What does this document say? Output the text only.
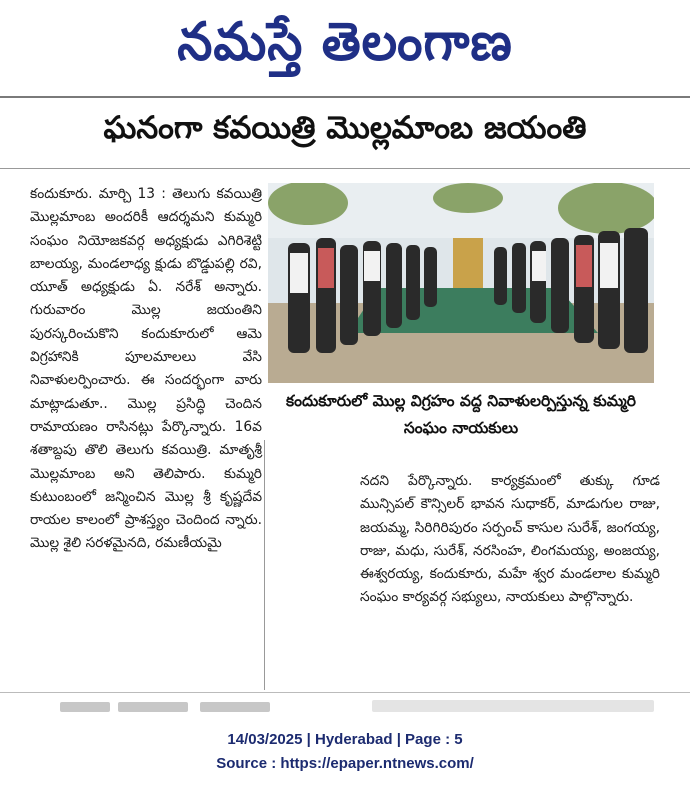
నమస్తే తెలంగాణ
ఘనంగా కవయిత్రి మొల్లమాంబ జయంతి
కందుకూరు. మార్చి 13 : తెలుగు కవయిత్రి మొల్లమాంబ అందరికీ ఆదర్శమని కుమ్మరి సంఘం నియోజకవర్గ అధ్యక్షుడు ఎగిరిశెట్టి బాలయ్య, మండలాధ్య క్షుడు బొడ్డుపల్లి రవి, యూత్ అధ్యక్షుడు ఏ. నరేశ్ అన్నారు. గురువారం మొల్ల జయంతిని పురస్కరించుకొని కందుకూరులో ఆమె విగ్రహానికి పూలమాలలు వేసి నివాళులర్పించారు. ఈ సందర్భంగా వారు మాట్లాడుతూ.. మొల్ల ప్రసిద్ధి చెందిన రామాయణం రాసినట్లు పేర్కొన్నారు. 16వ శతాబ్దపు తొలి తెలుగు కవయిత్రి. మాతృశ్రీ మొల్లమాంబ అని తెలిపారు. కుమ్మరి కుటుంబంలో జన్మించిన మొల్ల శ్రీ కృష్ణదేవ రాయల కాలంలో ప్రాశస్త్యం చెందింద న్నారు. మొల్ల శైలి సరళమైనది, రమణీయమై
కందుకూరులో మొల్ల విగ్రహం వద్ద నివాళులర్పిస్తున్న కుమ్మరి సంఘం నాయకులు
నదని పేర్కొన్నారు. కార్యక్రమంలో తుక్కు గూడ మున్సిపల్ కౌన్సిలర్ భావన సుధాకర్, మాడుగుల రాజు, జయమ్మ, సిరిగిరిపురం సర్పంచ్ కాసుల సురేశ్, జంగయ్య, రాజు, మధు, సురేశ్, నరసింహ, లింగమయ్య, అంజయ్య, ఈశ్వరయ్య, కందుకూరు, మహే శ్వర మండలాల కుమ్మరి సంఘం కార్యవర్గ సభ్యులు, నాయకులు పాల్గొన్నారు.
14/03/2025 | Hyderabad | Page : 5
Source : https://epaper.ntnews.com/
